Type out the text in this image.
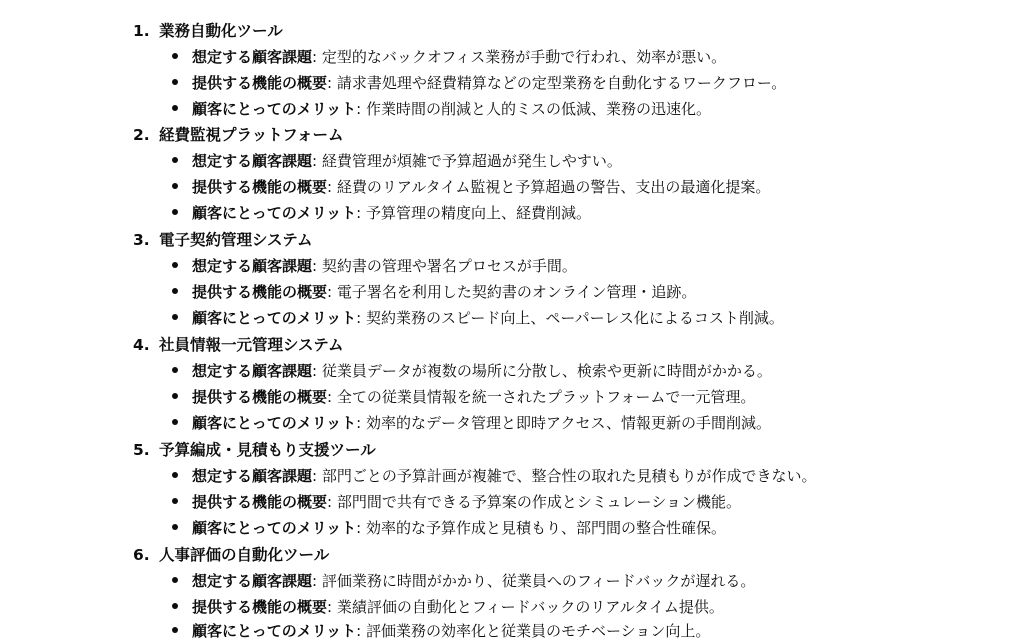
1. 業務自動化ツール
想定する顧客課題: 定型的なバックオフィス業務が手動で行われ、効率が悪い。
提供する機能の概要: 請求書処理や経費精算などの定型業務を自動化するワークフロー。
顧客にとってのメリット: 作業時間の削減と人的ミスの低減、業務の迅速化。
2. 経費監視プラットフォーム
想定する顧客課題: 経費管理が煩雑で予算超過が発生しやすい。
提供する機能の概要: 経費のリアルタイム監視と予算超過の警告、支出の最適化提案。
顧客にとってのメリット: 予算管理の精度向上、経費削減。
3. 電子契約管理システム
想定する顧客課題: 契約書の管理や署名プロセスが手間。
提供する機能の概要: 電子署名を利用した契約書のオンライン管理・追跡。
顧客にとってのメリット: 契約業務のスピード向上、ペーパーレス化によるコスト削減。
4. 社員情報一元管理システム
想定する顧客課題: 従業員データが複数の場所に分散し、検索や更新に時間がかかる。
提供する機能の概要: 全ての従業員情報を統一されたプラットフォームで一元管理。
顧客にとってのメリット: 効率的なデータ管理と即時アクセス、情報更新の手間削減。
5. 予算編成・見積もり支援ツール
想定する顧客課題: 部門ごとの予算計画が複雑で、整合性の取れた見積もりが作成できない。
提供する機能の概要: 部門間で共有できる予算案の作成とシミュレーション機能。
顧客にとってのメリット: 効率的な予算作成と見積もり、部門間の整合性確保。
6. 人事評価の自動化ツール
想定する顧客課題: 評価業務に時間がかかり、従業員へのフィードバックが遅れる。
提供する機能の概要: 業績評価の自動化とフィードバックのリアルタイム提供。
顧客にとってのメリット: 評価業務の効率化と従業員のモチベーション向上。
